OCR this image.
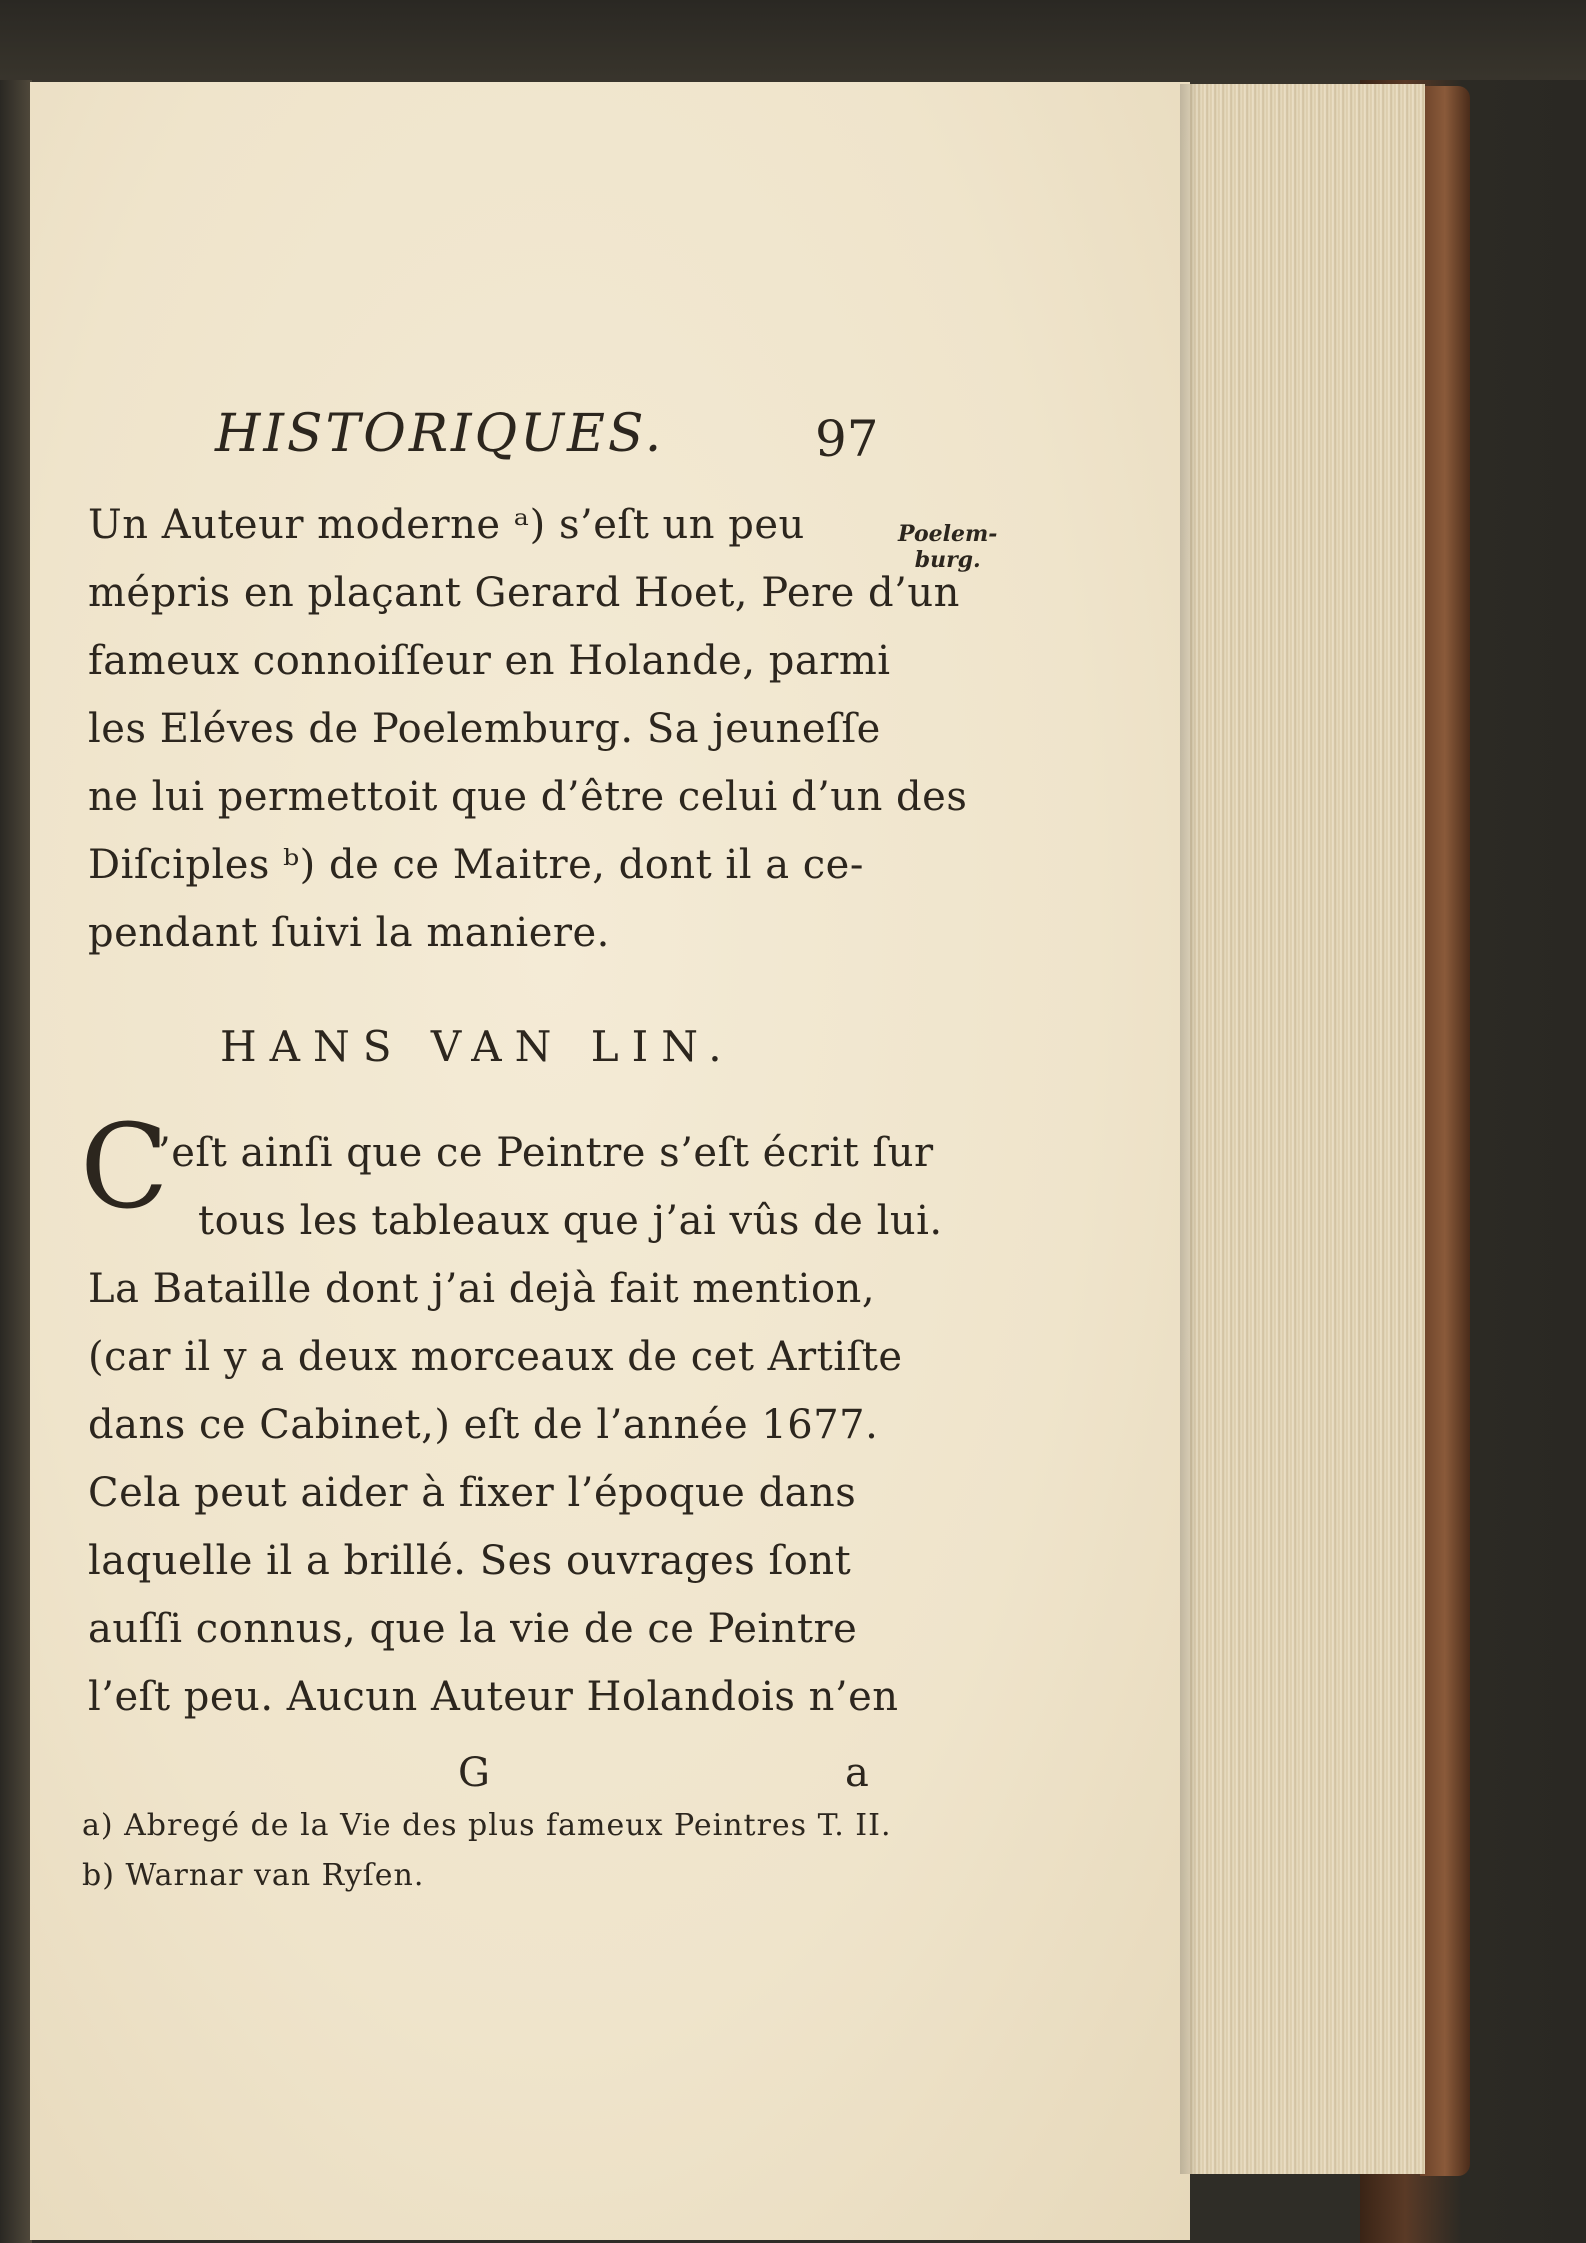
HISTORIQUES.	97
Poelem-
burg.
Un Auteur moderne ᵃ) s’eſt un peu
mépris en plaçant Gerard Hoet, Pere d’un
fameux connoiſſeur en Holande, parmi
les Eléves de Poelemburg. Sa jeuneſſe
ne lui permettoit que d’être celui d’un des
Diſciples ᵇ) de ce Maitre, dont il a ce-
pendant ſuivi la maniere.
HANS VAN LIN.
C
’eſt ainſi que ce Peintre s’eſt écrit ſur
tous les tableaux que j’ai vûs de lui.
La Bataille dont j’ai dejà fait mention,
(car il y a deux morceaux de cet Artiſte
dans ce Cabinet,) eſt de l’année 1677.
Cela peut aider à fixer l’époque dans
laquelle il a brillé. Ses ouvrages ſont
auſſi connus, que la vie de ce Peintre
l’eſt peu. Aucun Auteur Holandois n’en
G	a
a) Abregé de la Vie des plus fameux Peintres T. II.
b) Warnar van Ryſen.
